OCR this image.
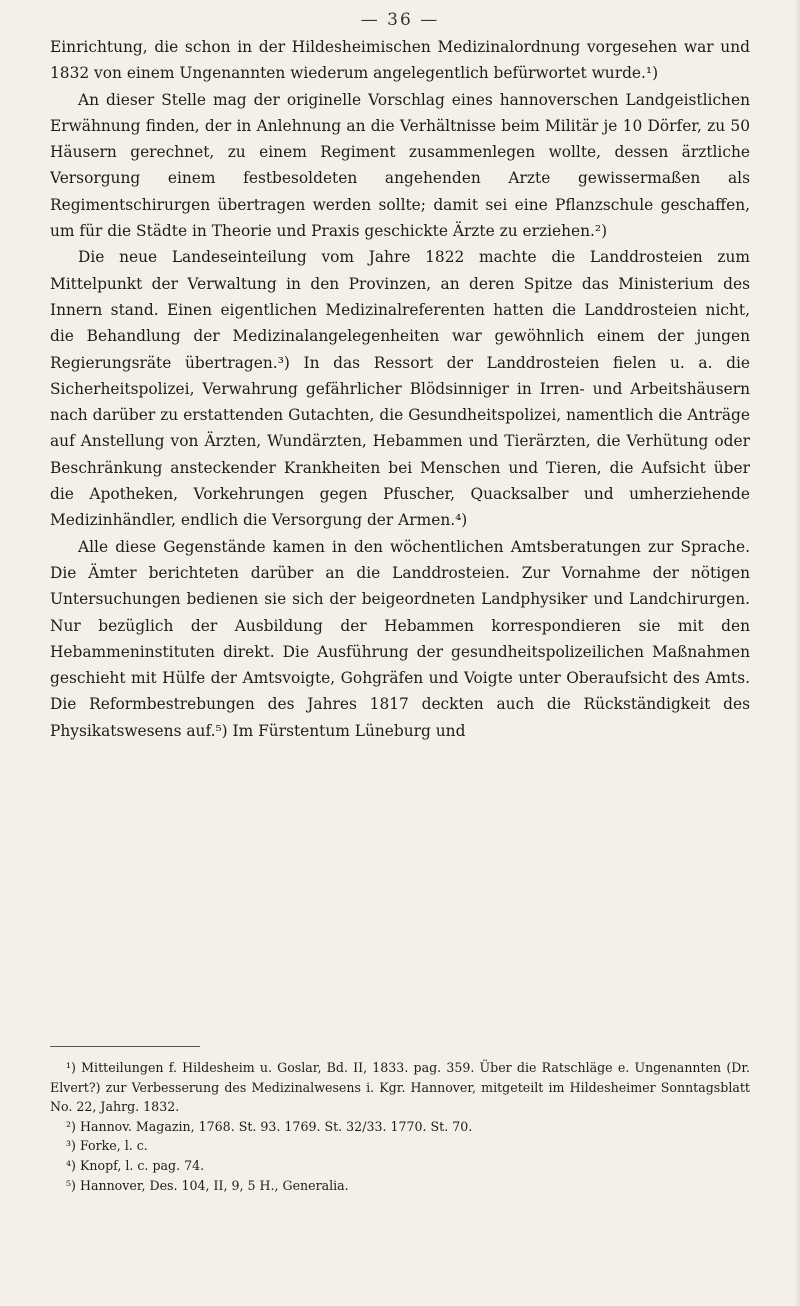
— 36 —

Einrichtung, die schon in der Hildesheimischen Medizinalordnung vorgesehen war und 1832 von einem Ungenannten wiederum angelegentlich befürwortet wurde.¹)

An dieser Stelle mag der originelle Vorschlag eines hannoverschen Landgeistlichen Erwähnung finden, der in Anlehnung an die Verhältnisse beim Militär je 10 Dörfer, zu 50 Häusern gerechnet, zu einem Regiment zusammenlegen wollte, dessen ärztliche Versorgung einem festbesoldeten angehenden Arzte gewissermaßen als Regimentschirurgen übertragen werden sollte; damit sei eine Pflanzschule geschaffen, um für die Städte in Theorie und Praxis geschickte Ärzte zu erziehen.²)

Die neue Landeseinteilung vom Jahre 1822 machte die Landdrosteien zum Mittelpunkt der Verwaltung in den Provinzen, an deren Spitze das Ministerium des Innern stand. Einen eigentlichen Medizinalreferenten hatten die Landdrosteien nicht, die Behandlung der Medizinalangelegenheiten war gewöhnlich einem der jungen Regierungsräte übertragen.³) In das Ressort der Landdrosteien fielen u. a. die Sicherheitspolizei, Verwahrung gefährlicher Blödsinniger in Irren- und Arbeitshäusern nach darüber zu erstattenden Gutachten, die Gesundheitspolizei, namentlich die Anträge auf Anstellung von Ärzten, Wundärzten, Hebammen und Tierärzten, die Verhütung oder Beschränkung ansteckender Krankheiten bei Menschen und Tieren, die Aufsicht über die Apotheken, Vorkehrungen gegen Pfuscher, Quacksalber und umherziehende Medizinhändler, endlich die Versorgung der Armen.⁴)

Alle diese Gegenstände kamen in den wöchentlichen Amtsberatungen zur Sprache. Die Ämter berichteten darüber an die Landdrosteien. Zur Vornahme der nötigen Untersuchungen bedienen sie sich der beigeordneten Landphysiker und Landchirurgen. Nur bezüglich der Ausbildung der Hebammen korrespondieren sie mit den Hebammeninstituten direkt. Die Ausführung der gesundheitspolizeilichen Maßnahmen geschieht mit Hülfe der Amtsvoigte, Gohgräfen und Voigte unter Oberaufsicht des Amts. Die Reformbestrebungen des Jahres 1817 deckten auch die Rückständigkeit des Physikatswesens auf.⁵) Im Fürstentum Lüneburg und

¹) Mitteilungen f. Hildesheim u. Goslar, Bd. II, 1833. pag. 359. Über die Ratschläge e. Ungenannten (Dr. Elvert?) zur Verbesserung des Medizinalwesens i. Kgr. Hannover, mitgeteilt im Hildesheimer Sonntagsblatt No. 22, Jahrg. 1832.

²) Hannov. Magazin, 1768. St. 93. 1769. St. 32/33. 1770. St. 70.

³) Forke, l. c.

⁴) Knopf, l. c. pag. 74.

⁵) Hannover, Des. 104, II, 9, 5 H., Generalia.
